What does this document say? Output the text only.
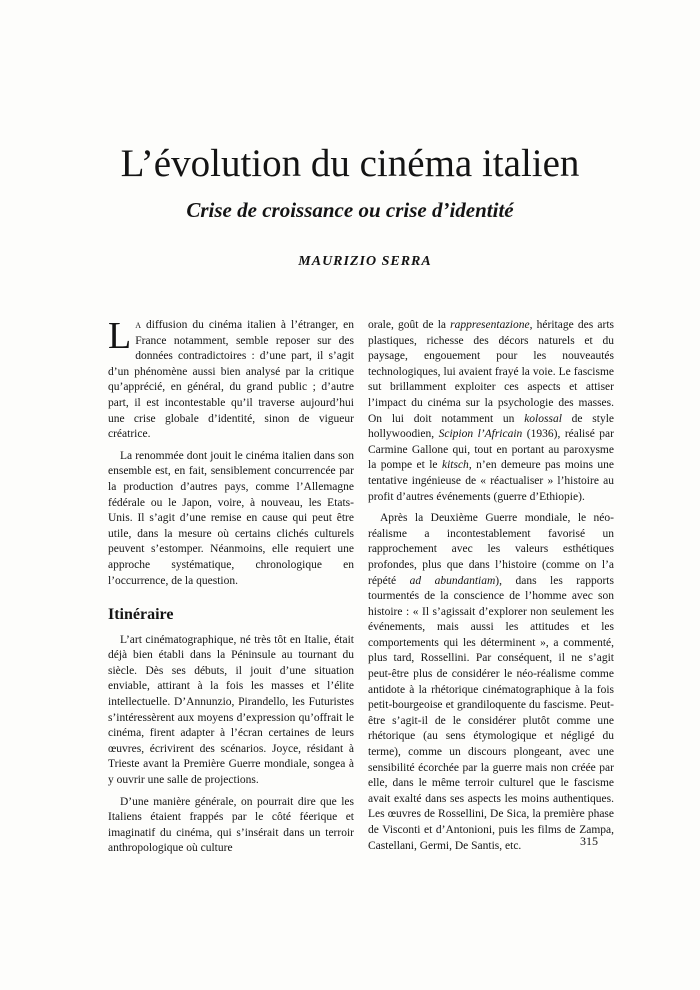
L’évolution du cinéma italien
Crise de croissance ou crise d’identité
MAURIZIO SERRA

La diffusion du cinéma italien à l’étranger, en France notamment, semble reposer sur des données contradictoires : d’une part, il s’agit d’un phénomène aussi bien analysé par la critique qu’apprécié, en général, du grand public ; d’autre part, il est incontestable qu’il traverse aujourd’hui une crise globale d’identité, sinon de vigueur créatrice.

La renommée dont jouit le cinéma italien dans son ensemble est, en fait, sensiblement concurrencée par la production d’autres pays, comme l’Allemagne fédérale ou le Japon, voire, à nouveau, les Etats-Unis. Il s’agit d’une remise en cause qui peut être utile, dans la mesure où certains clichés culturels peuvent s’estomper. Néanmoins, elle requiert une approche systématique, chronologique en l’occurrence, de la question.

Itinéraire

L’art cinématographique, né très tôt en Italie, était déjà bien établi dans la Péninsule au tournant du siècle. Dès ses débuts, il jouit d’une situation enviable, attirant à la fois les masses et l’élite intellectuelle. D’Annunzio, Pirandello, les Futuristes s’intéressèrent aux moyens d’expression qu’offrait le cinéma, firent adapter à l’écran certaines de leurs œuvres, écrivirent des scénarios. Joyce, résidant à Trieste avant la Première Guerre mondiale, songea à y ouvrir une salle de projections.

D’une manière générale, on pourrait dire que les Italiens étaient frappés par le côté féerique et imaginatif du cinéma, qui s’insérait dans un terroir anthropologique où culture

orale, goût de la rappresentazione, héritage des arts plastiques, richesse des décors naturels et du paysage, engouement pour les nouveautés technologiques, lui avaient frayé la voie. Le fascisme sut brillamment exploiter ces aspects et attiser l’impact du cinéma sur la psychologie des masses. On lui doit notamment un kolossal de style hollywoodien, Scipion l’Africain (1936), réalisé par Carmine Gallone qui, tout en portant au paroxysme la pompe et le kitsch, n’en demeure pas moins une tentative ingénieuse de « réactualiser » l’histoire au profit d’autres événements (guerre d’Ethiopie).

Après la Deuxième Guerre mondiale, le néo-réalisme a incontestablement favorisé un rapprochement avec les valeurs esthétiques profondes, plus que dans l’histoire (comme on l’a répété ad abundantiam), dans les rapports tourmentés de la conscience de l’homme avec son histoire : « Il s’agissait d’explorer non seulement les événements, mais aussi les attitudes et les comportements qui les déterminent », a commenté, plus tard, Rossellini. Par conséquent, il ne s’agit peut-être plus de considérer le néo-réalisme comme antidote à la rhétorique cinématographique à la fois petit-bourgeoise et grandiloquente du fascisme. Peut-être s’agit-il de le considérer plutôt comme une rhétorique (au sens étymologique et négligé du terme), comme un discours plongeant, avec une sensibilité écorchée par la guerre mais non créée par elle, dans le même terroir culturel que le fascisme avait exalté dans ses aspects les moins authentiques. Les œuvres de Rossellini, De Sica, la première phase de Visconti et d’Antonioni, puis les films de Zampa, Castellani, Germi, De Santis, etc.	315
